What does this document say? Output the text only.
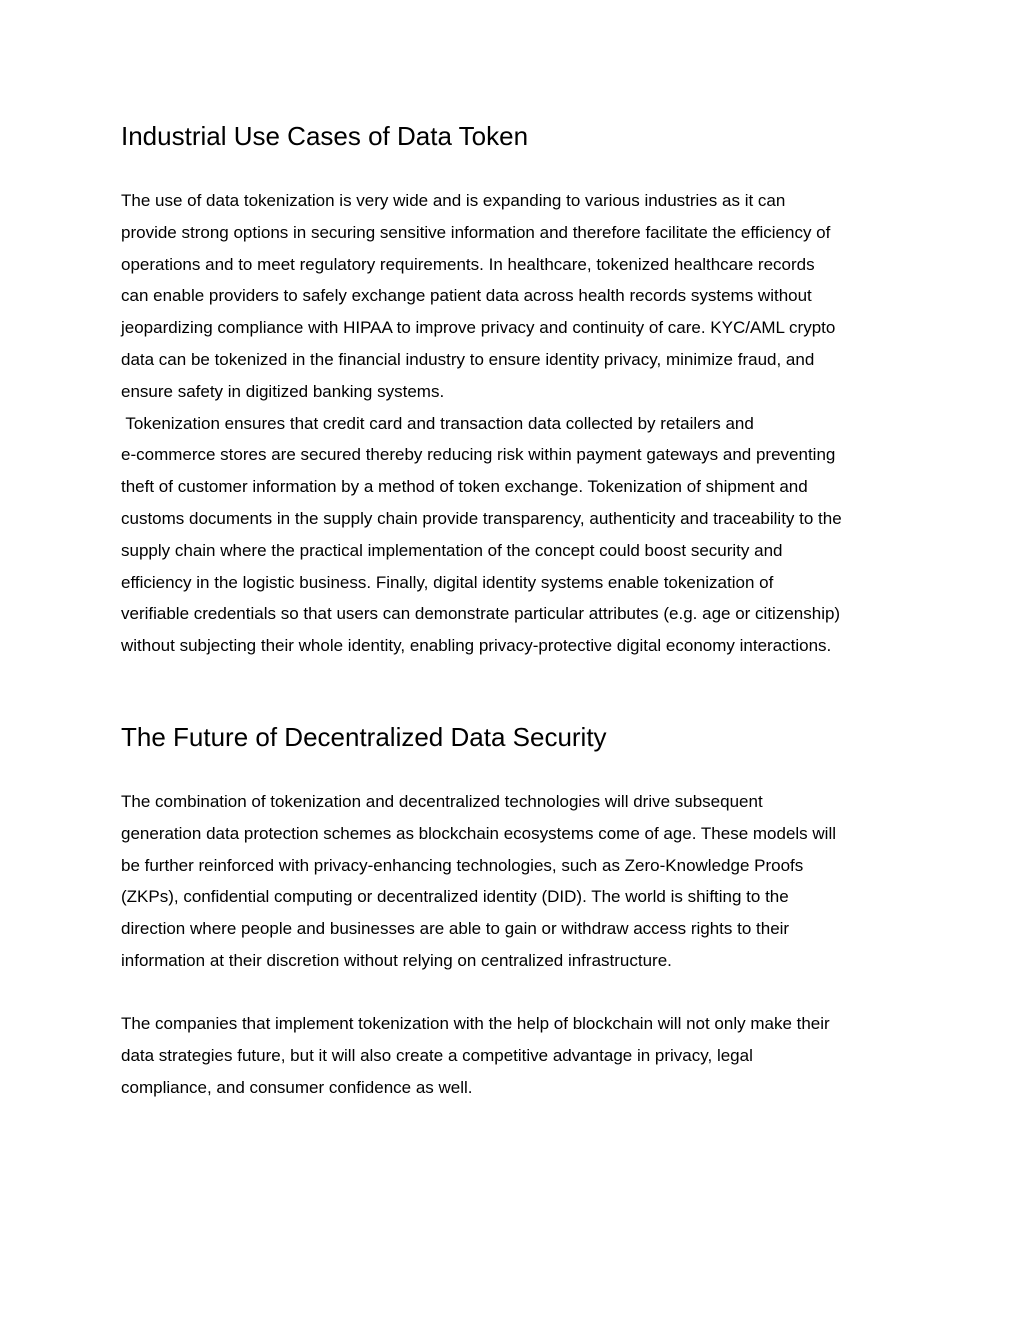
Industrial Use Cases of Data Token

The use of data tokenization is very wide and is expanding to various industries as it can
provide strong options in securing sensitive information and therefore facilitate the efficiency of
operations and to meet regulatory requirements. In healthcare, tokenized healthcare records
can enable providers to safely exchange patient data across health records systems without
jeopardizing compliance with HIPAA to improve privacy and continuity of care. KYC/AML crypto
data can be tokenized in the financial industry to ensure identity privacy, minimize fraud, and
ensure safety in digitized banking systems.
Tokenization ensures that credit card and transaction data collected by retailers and
e-commerce stores are secured thereby reducing risk within payment gateways and preventing
theft of customer information by a method of token exchange. Tokenization of shipment and
customs documents in the supply chain provide transparency, authenticity and traceability to the
supply chain where the practical implementation of the concept could boost security and
efficiency in the logistic business. Finally, digital identity systems enable tokenization of
verifiable credentials so that users can demonstrate particular attributes (e.g. age or citizenship)
without subjecting their whole identity, enabling privacy-protective digital economy interactions.

The Future of Decentralized Data Security

The combination of tokenization and decentralized technologies will drive subsequent
generation data protection schemes as blockchain ecosystems come of age. These models will
be further reinforced with privacy-enhancing technologies, such as Zero-Knowledge Proofs
(ZKPs), confidential computing or decentralized identity (DID). The world is shifting to the
direction where people and businesses are able to gain or withdraw access rights to their
information at their discretion without relying on centralized infrastructure.

The companies that implement tokenization with the help of blockchain will not only make their
data strategies future, but it will also create a competitive advantage in privacy, legal
compliance, and consumer confidence as well.
